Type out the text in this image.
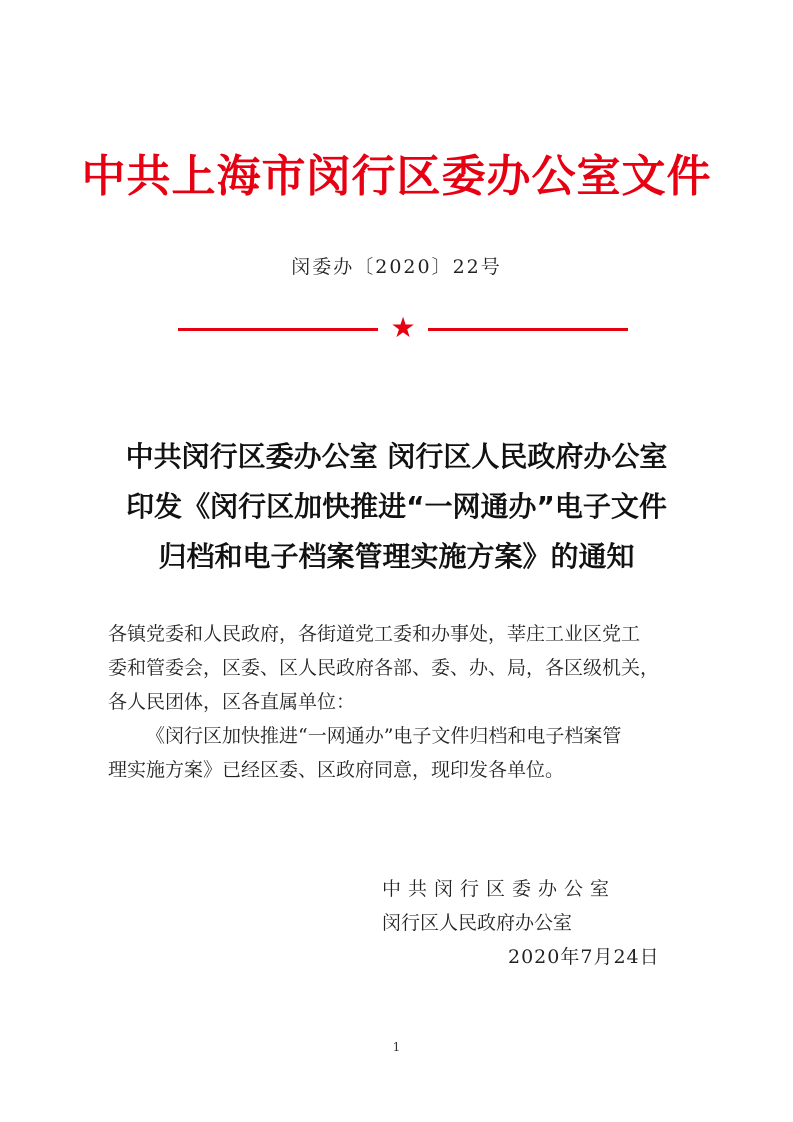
中共上海市闵行区委办公室文件
闵委办〔2020〕22号
★
中共闵行区委办公室 闵行区人民政府办公室
印发《闵行区加快推进“一网通办”电子文件
归档和电子档案管理实施方案》的通知

各镇党委和人民政府，各街道党工委和办事处，莘庄工业区党工

委和管委会，区委、区人民政府各部、委、办、局，各区级机关，

各人民团体，区各直属单位：

《闵行区加快推进“一网通办”电子文件归档和电子档案管

理实施方案》已经区委、区政府同意，现印发各单位。

中共闵行区委办公室
闵行区人民政府办公室
2020年7月24日
1
